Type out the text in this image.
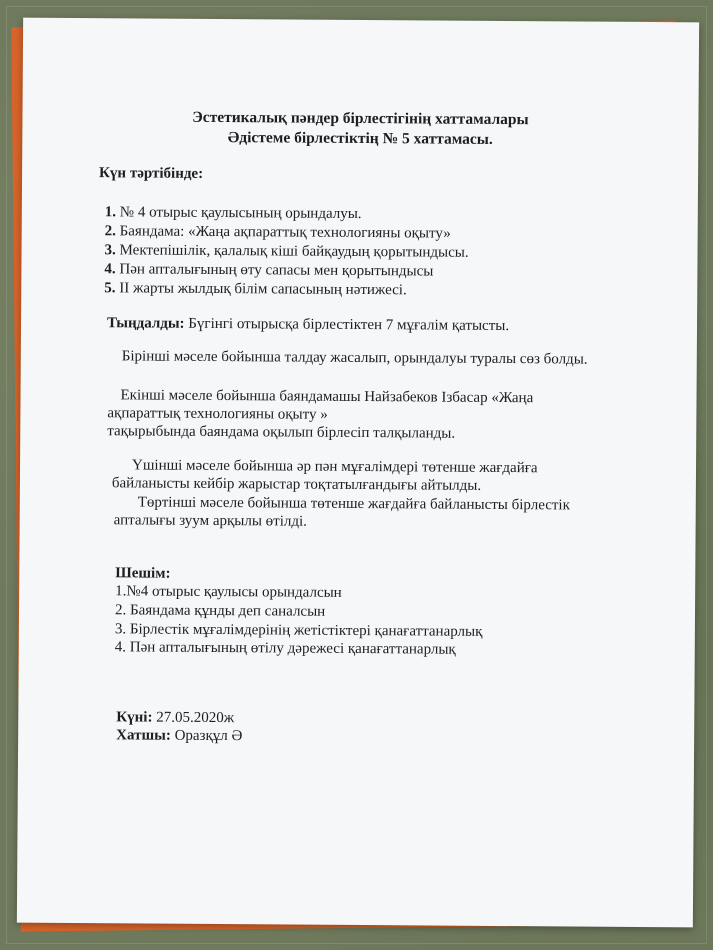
Эстетикалық пәндер бірлестігінің хаттамалары
Әдістеме бірлестіктің № 5 хаттамасы.
Күн тәртібінде:
1. № 4 отырыс қаулысының орындалуы.
2. Баяндама: «Жаңа ақпараттық технологияны оқыту»
3. Мектепішілік, қалалық кіші байқаудың қорытындысы.
4. Пән апталығының өту сапасы мен қорытындысы
5. ІІ жарты жылдық білім сапасының нәтижесі.
Тыңдалды: Бүгінгі отырысқа бірлестіктен 7 мұғалім қатысты.
Бірінші мәселе бойынша талдау жасалып, орындалуы туралы сөз болды.
Екінші мәселе бойынша баяндамашы Найзабеков Ізбасар «Жаңа
ақпараттық технологияны оқыту »
тақырыбында баяндама оқылып бірлесіп талқыланды.
Үшінші мәселе бойынша әр пән мұғалімдері төтенше жағдайға
байланысты кейбір жарыстар тоқтатылғандығы айтылды.
Төртінші мәселе бойынша төтенше жағдайға байланысты бірлестік
апталығы зуум арқылы өтілді.
Шешім:
1.№4 отырыс қаулысы орындалсын
2. Баяндама құнды деп саналсын
3. Бірлестік мұғалімдерінің жетістіктері қанағаттанарлық
4. Пән апталығының өтілу дәрежесі қанағаттанарлық
Күні: 27.05.2020ж
Хатшы: Оразқұл Ә
